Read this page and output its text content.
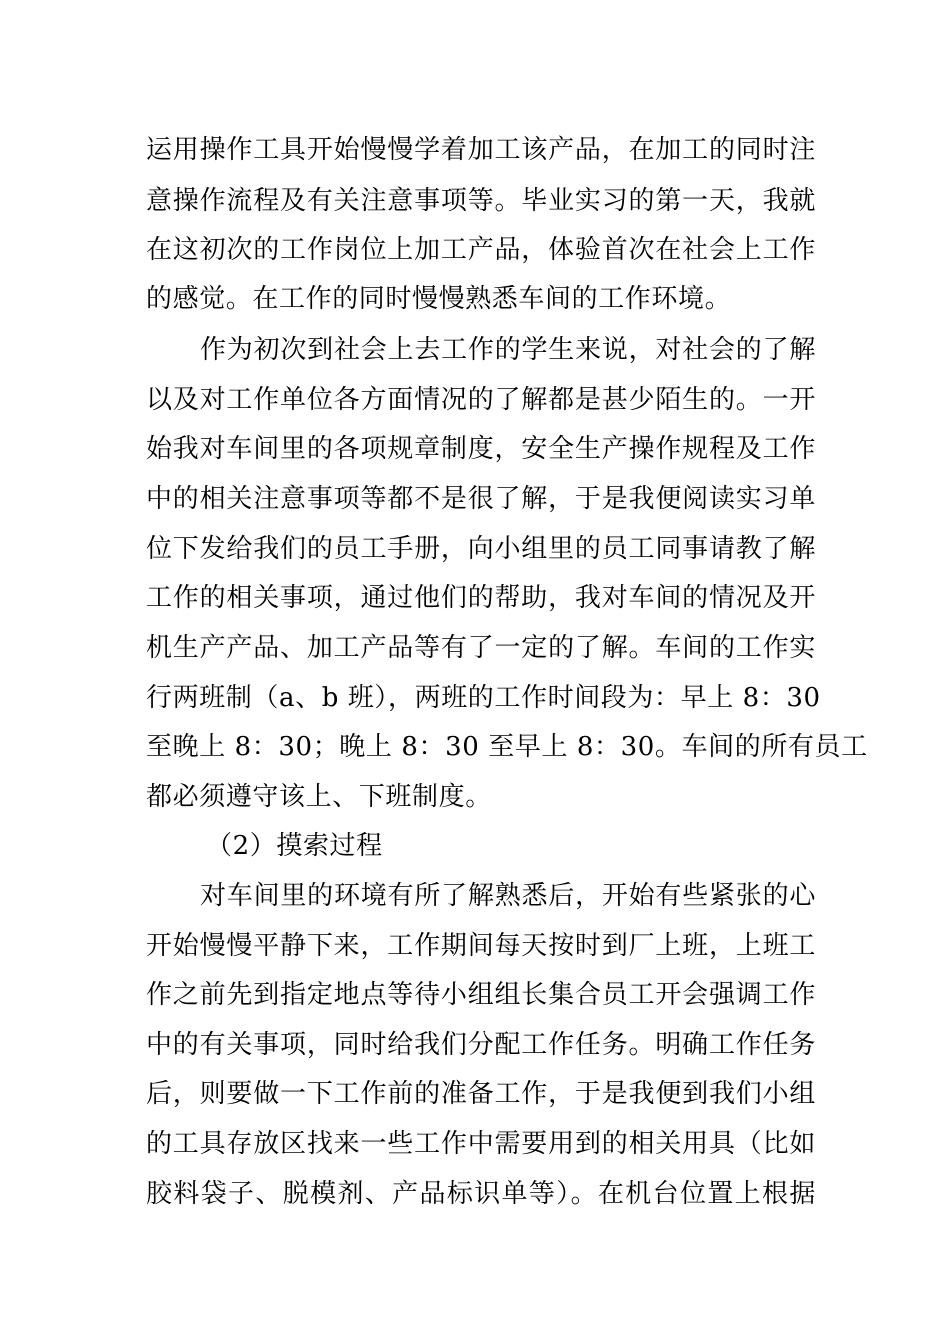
运用操作工具开始慢慢学着加工该产品，在加工的同时注
意操作流程及有关注意事项等。毕业实习的第一天，我就
在这初次的工作岗位上加工产品，体验首次在社会上工作
的感觉。在工作的同时慢慢熟悉车间的工作环境。
作为初次到社会上去工作的学生来说，对社会的了解
以及对工作单位各方面情况的了解都是甚少陌生的。一开
始我对车间里的各项规章制度，安全生产操作规程及工作
中的相关注意事项等都不是很了解，于是我便阅读实习单
位下发给我们的员工手册，向小组里的员工同事请教了解
工作的相关事项，通过他们的帮助，我对车间的情况及开
机生产产品、加工产品等有了一定的了解。车间的工作实
行两班制（a、b 班），两班的工作时间段为：早上 8：30
至晚上 8：30；晚上 8：30 至早上 8：30。车间的所有员工
都必须遵守该上、下班制度。
（2）摸索过程
对车间里的环境有所了解熟悉后，开始有些紧张的心
开始慢慢平静下来，工作期间每天按时到厂上班，上班工
作之前先到指定地点等待小组组长集合员工开会强调工作
中的有关事项，同时给我们分配工作任务。明确工作任务
后，则要做一下工作前的准备工作，于是我便到我们小组
的工具存放区找来一些工作中需要用到的相关用具（比如
胶料袋子、脱模剂、产品标识单等）。在机台位置上根据
